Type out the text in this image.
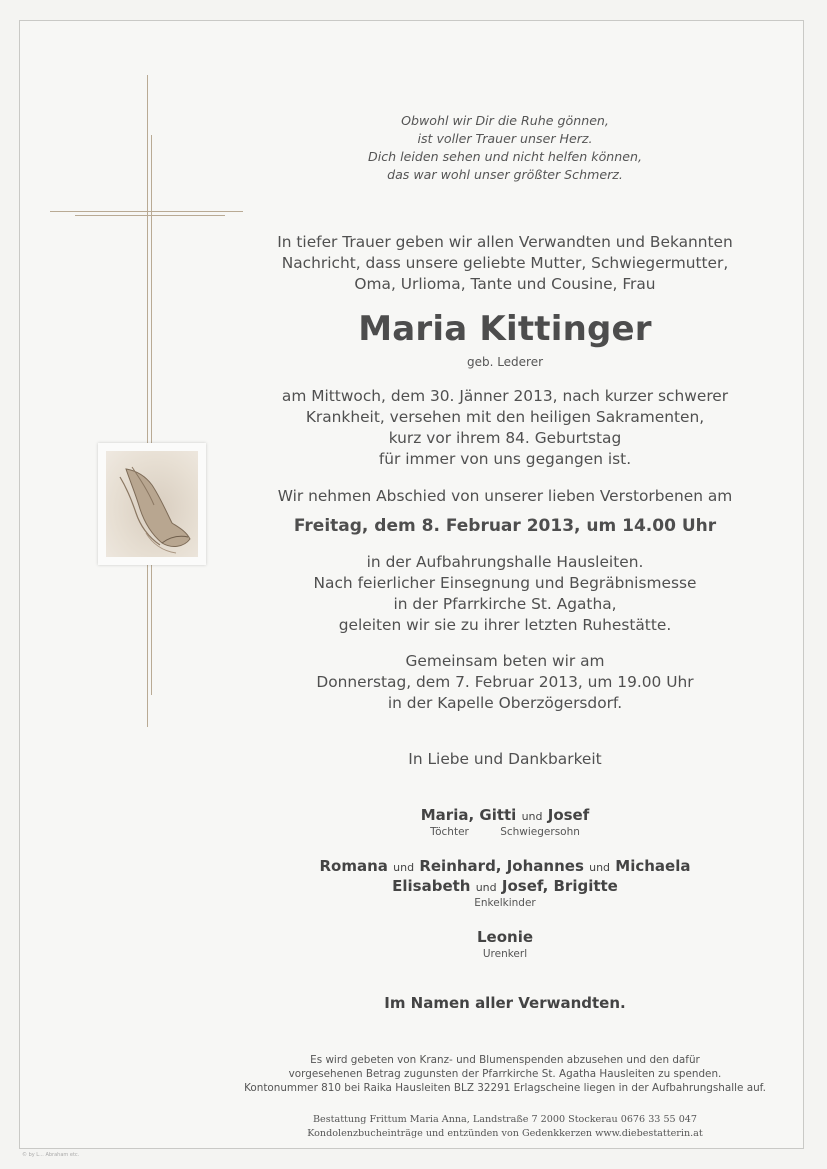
Obwohl wir Dir die Ruhe gönnen,
ist voller Trauer unser Herz.
Dich leiden sehen und nicht helfen können,
das war wohl unser größter Schmerz.
In tiefer Trauer geben wir allen Verwandten und Bekannten
Nachricht, dass unsere geliebte Mutter, Schwiegermutter,
Oma, Urlioma, Tante und Cousine, Frau
Maria Kittinger
geb. Lederer
am Mittwoch, dem 30. Jänner 2013, nach kurzer schwerer
Krankheit, versehen mit den heiligen Sakramenten,
kurz vor ihrem 84. Geburtstag
für immer von uns gegangen ist.
Wir nehmen Abschied von unserer lieben Verstorbenen am
Freitag, dem 8. Februar 2013, um 14.00 Uhr
in der Aufbahrungshalle Hausleiten.
Nach feierlicher Einsegnung und Begräbnismesse
in der Pfarrkirche St. Agatha,
geleiten wir sie zu ihrer letzten Ruhestätte.
Gemeinsam beten wir am
Donnerstag, dem 7. Februar 2013, um 19.00 Uhr
in der Kapelle Oberzögersdorf.
In Liebe und Dankbarkeit
Maria, Gitti und Josef
Töchter	Schwiegersohn
Romana und Reinhard, Johannes und Michaela
Elisabeth und Josef, Brigitte
Enkelkinder
Leonie
Urenkerl
Im Namen aller Verwandten.
Es wird gebeten von Kranz- und Blumenspenden abzusehen und den dafür
vorgesehenen Betrag zugunsten der Pfarrkirche St. Agatha Hausleiten zu spenden.
Kontonummer 810 bei Raika Hausleiten BLZ 32291 Erlagscheine liegen in der Aufbahrungshalle auf.
Bestattung Frittum Maria Anna, Landstraße 7 2000 Stockerau 0676 33 55 047
Kondolenzbucheinträge und entzünden von Gedenkkerzen www.diebestatterin.at
© by L... Abraham etc.
